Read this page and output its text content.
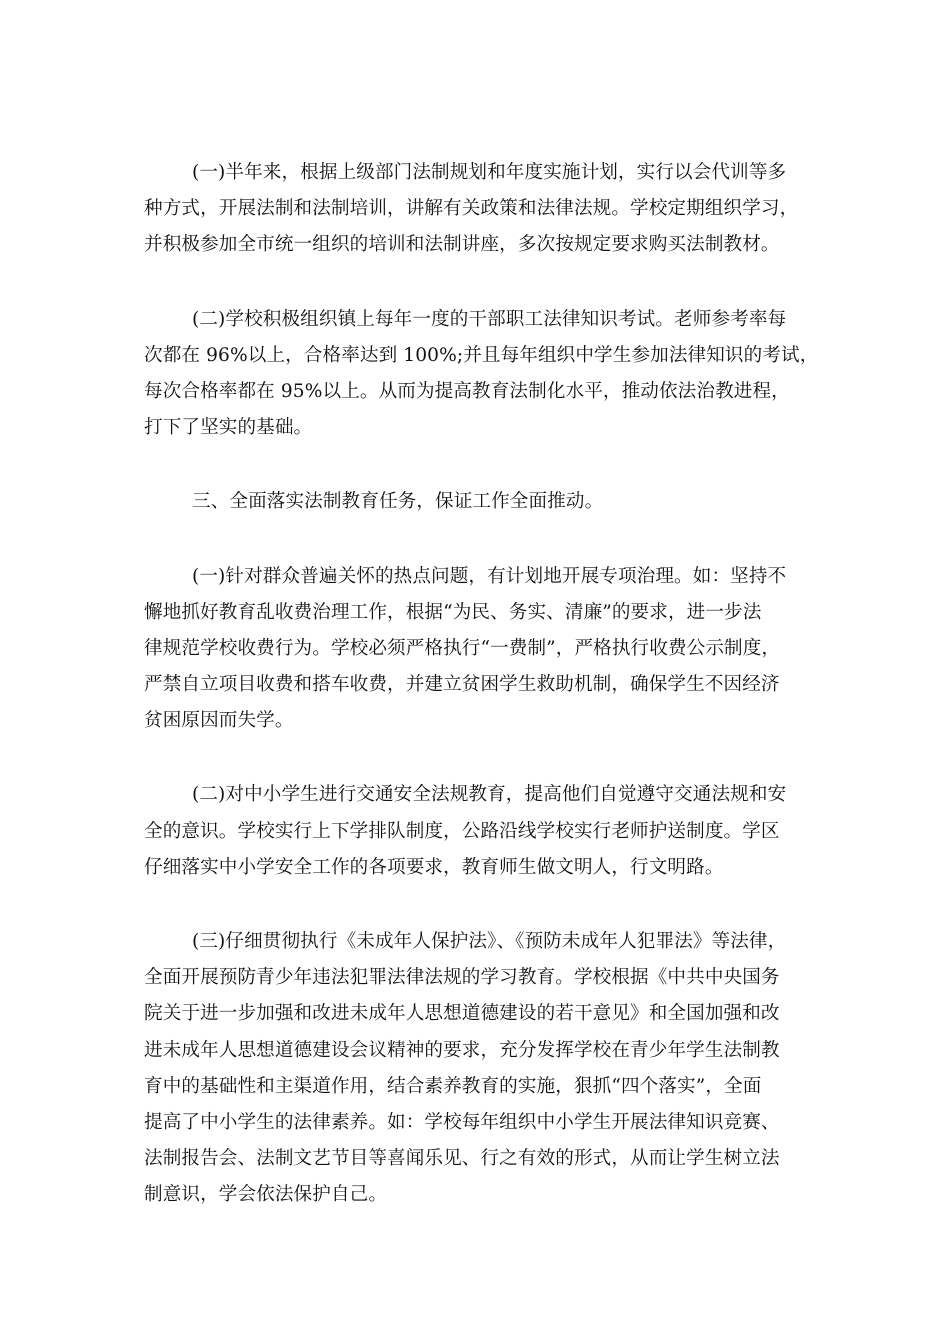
(一)半年来，根据上级部门法制规划和年度实施计划，实行以会代训等多
种方式，开展法制和法制培训，讲解有关政策和法律法规。学校定期组织学习，
并积极参加全市统一组织的培训和法制讲座，多次按规定要求购买法制教材。

(二)学校积极组织镇上每年一度的干部职工法律知识考试。老师参考率每
次都在 96%以上，合格率达到 100%;并且每年组织中学生参加法律知识的考试，
每次合格率都在 95%以上。从而为提高教育法制化水平，推动依法治教进程，
打下了坚实的基础。

三、全面落实法制教育任务，保证工作全面推动。

(一)针对群众普遍关怀的热点问题，有计划地开展专项治理。如：坚持不
懈地抓好教育乱收费治理工作，根据“为民、务实、清廉”的要求，进一步法
律规范学校收费行为。学校必须严格执行“一费制”，严格执行收费公示制度，
严禁自立项目收费和搭车收费，并建立贫困学生救助机制，确保学生不因经济
贫困原因而失学。

(二)对中小学生进行交通安全法规教育，提高他们自觉遵守交通法规和安
全的意识。学校实行上下学排队制度，公路沿线学校实行老师护送制度。学区
仔细落实中小学安全工作的各项要求，教育师生做文明人，行文明路。

(三)仔细贯彻执行《未成年人保护法》、《预防未成年人犯罪法》等法律，
全面开展预防青少年违法犯罪法律法规的学习教育。学校根据《中共中央国务
院关于进一步加强和改进未成年人思想道德建设的若干意见》和全国加强和改
进未成年人思想道德建设会议精神的要求，充分发挥学校在青少年学生法制教
育中的基础性和主渠道作用，结合素养教育的实施，狠抓“四个落实”，全面
提高了中小学生的法律素养。如：学校每年组织中小学生开展法律知识竞赛、
法制报告会、法制文艺节目等喜闻乐见、行之有效的形式，从而让学生树立法
制意识，学会依法保护自己。
